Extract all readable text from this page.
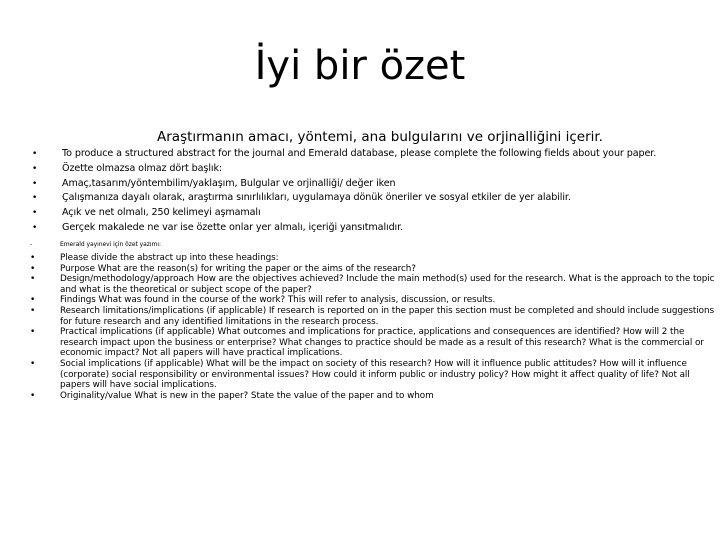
İyi bir özet
Araştırmanın amacı, yöntemi, ana bulgularını ve orjinalliğini içerir.
•	To produce a structured abstract for the journal and Emerald database, please complete the following fields about your paper.
•	Özette olmazsa olmaz dört başlık:
•	Amaç,tasarım/yöntembilim/yaklaşım, Bulgular ve orjinalliği/ değer iken
•	Çalışmanıza dayalı olarak, araştırma sınırlılıkları, uygulamaya dönük öneriler ve sosyal etkiler de yer alabilir.
•	Açık ve net olmalı, 250 kelimeyi aşmamalı
•	Gerçek makalede ne var ise özette onlar yer almalı, içeriği yansıtmalıdır.
-	Emerald yayınevi için özet yazımı:
•	Please divide the abstract up into these headings:
•	Purpose What are the reason(s) for writing the paper or the aims of the research?
•	Design/methodology/approach How are the objectives achieved? Include the main method(s) used for the research. What is the approach to the topic and what is the theoretical or subject scope of the paper?
•	Findings What was found in the course of the work? This will refer to analysis, discussion, or results.
•	Research limitations/implications (if applicable) If research is reported on in the paper this section must be completed and should include suggestions for future research and any identified limitations in the research process.
•	Practical implications (if applicable) What outcomes and implications for practice, applications and consequences are identified? How will 2 the research impact upon the business or enterprise? What changes to practice should be made as a result of this research? What is the commercial or economic impact? Not all papers will have practical implications.
•	Social implications (if applicable) What will be the impact on society of this research? How will it influence public attitudes? How will it influence (corporate) social responsibility or environmental issues? How could it inform public or industry policy? How might it affect quality of life? Not all papers will have social implications.
•	Originality/value What is new in the paper? State the value of the paper and to whom
